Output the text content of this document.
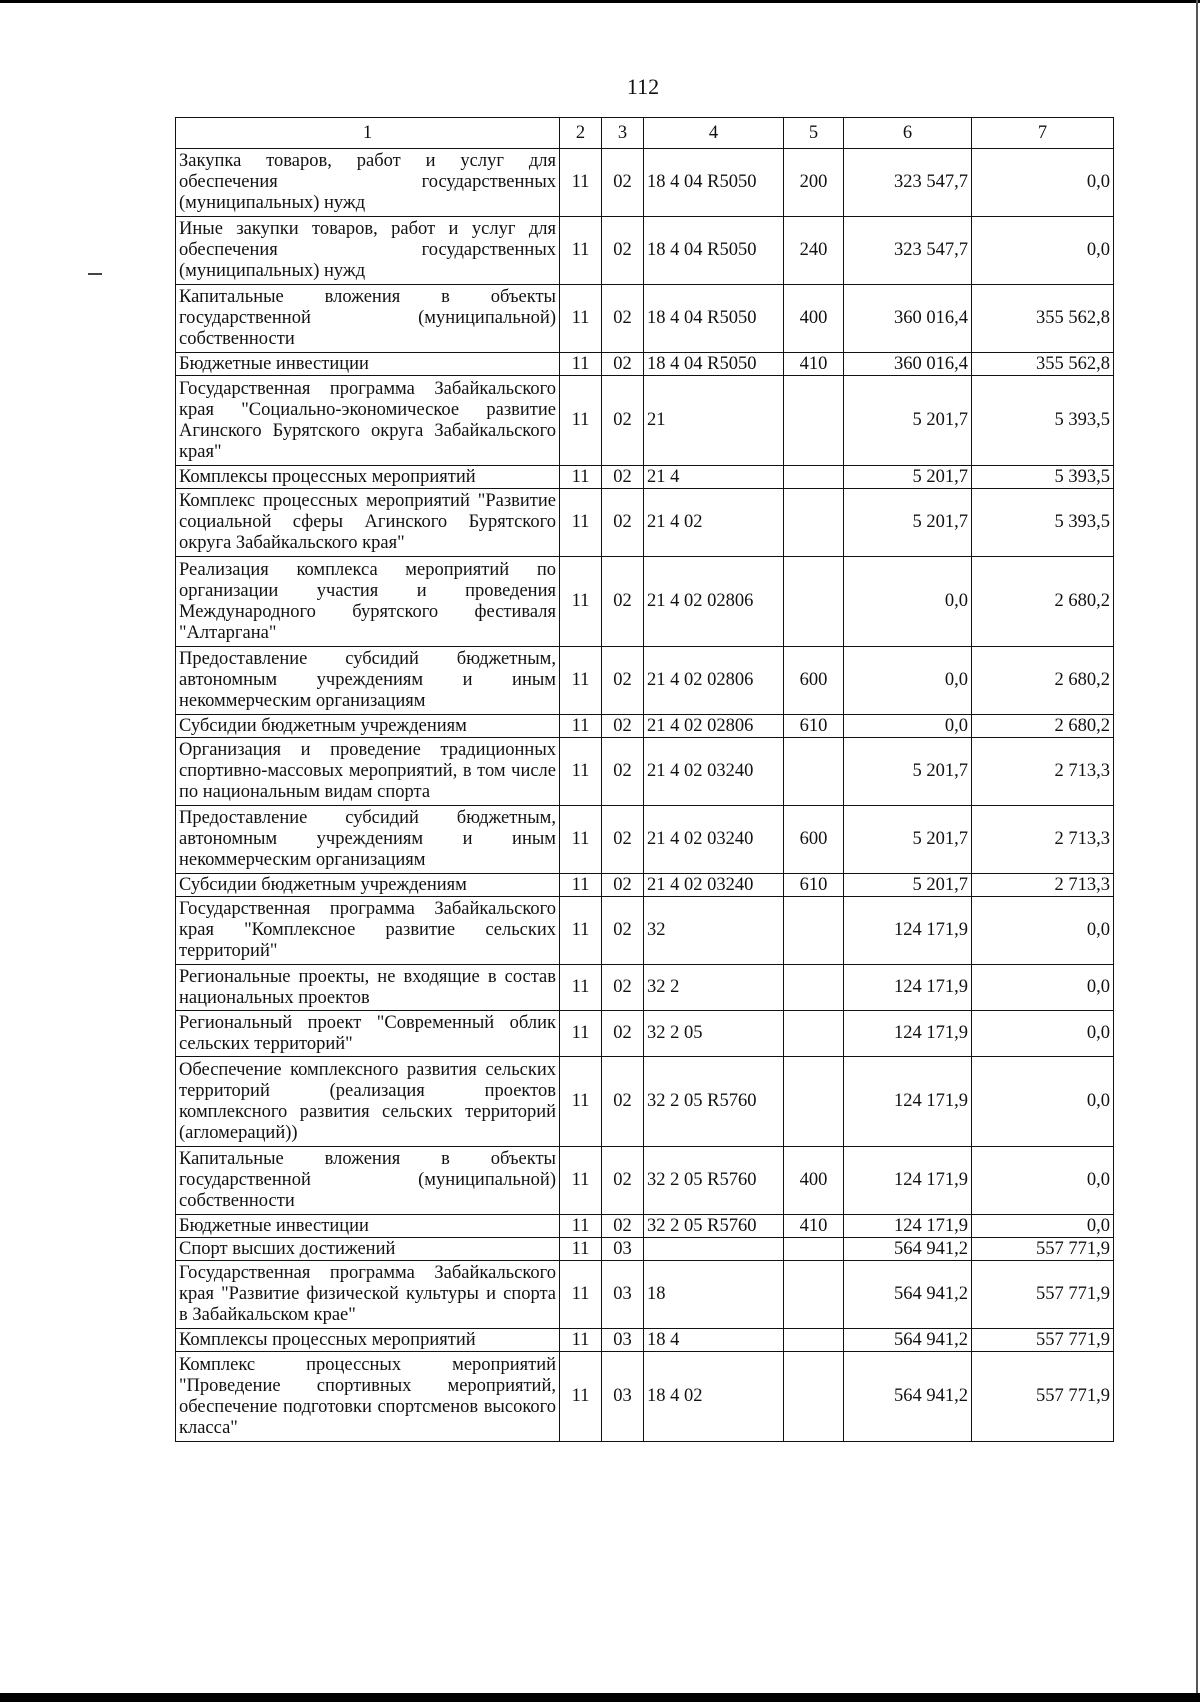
112
1	2	3	4	5	6	7
Закупка товаров, работ и услуг для обеспечения государственных (муниципальных) нужд	11	02	18 4 04 R5050	200	323 547,7	0,0
Иные закупки товаров, работ и услуг для обеспечения государственных (муниципальных) нужд	11	02	18 4 04 R5050	240	323 547,7	0,0
Капитальные вложения в объекты государственной (муниципальной) собственности	11	02	18 4 04 R5050	400	360 016,4	355 562,8
Бюджетные инвестиции	11	02	18 4 04 R5050	410	360 016,4	355 562,8
Государственная программа Забайкальского края "Социально-экономическое развитие Агинского Бурятского округа Забайкальского края"	11	02	21		5 201,7	5 393,5
Комплексы процессных мероприятий	11	02	21 4		5 201,7	5 393,5
Комплекс процессных мероприятий "Развитие социальной сферы Агинского Бурятского округа Забайкальского края"	11	02	21 4 02		5 201,7	5 393,5
Реализация комплекса мероприятий по организации участия и проведения Международного бурятского фестиваля "Алтаргана"	11	02	21 4 02 02806		0,0	2 680,2
Предоставление субсидий бюджетным, автономным учреждениям и иным некоммерческим организациям	11	02	21 4 02 02806	600	0,0	2 680,2
Субсидии бюджетным учреждениям	11	02	21 4 02 02806	610	0,0	2 680,2
Организация и проведение традиционных спортивно-массовых мероприятий, в том числе по национальным видам спорта	11	02	21 4 02 03240		5 201,7	2 713,3
Предоставление субсидий бюджетным, автономным учреждениям и иным некоммерческим организациям	11	02	21 4 02 03240	600	5 201,7	2 713,3
Субсидии бюджетным учреждениям	11	02	21 4 02 03240	610	5 201,7	2 713,3
Государственная программа Забайкальского края "Комплексное развитие сельских территорий"	11	02	32		124 171,9	0,0
Региональные проекты, не входящие в состав национальных проектов	11	02	32 2		124 171,9	0,0
Региональный проект "Современный облик сельских территорий"	11	02	32 2 05		124 171,9	0,0
Обеспечение комплексного развития сельских территорий (реализация проектов комплексного развития сельских территорий (агломераций))	11	02	32 2 05 R5760		124 171,9	0,0
Капитальные вложения в объекты государственной (муниципальной) собственности	11	02	32 2 05 R5760	400	124 171,9	0,0
Бюджетные инвестиции	11	02	32 2 05 R5760	410	124 171,9	0,0
Спорт высших достижений	11	03			564 941,2	557 771,9
Государственная программа Забайкальского края "Развитие физической культуры и спорта в Забайкальском крае"	11	03	18		564 941,2	557 771,9
Комплексы процессных мероприятий	11	03	18 4		564 941,2	557 771,9
Комплекс процессных мероприятий "Проведение спортивных мероприятий, обеспечение подготовки спортсменов высокого класса"	11	03	18 4 02		564 941,2	557 771,9
